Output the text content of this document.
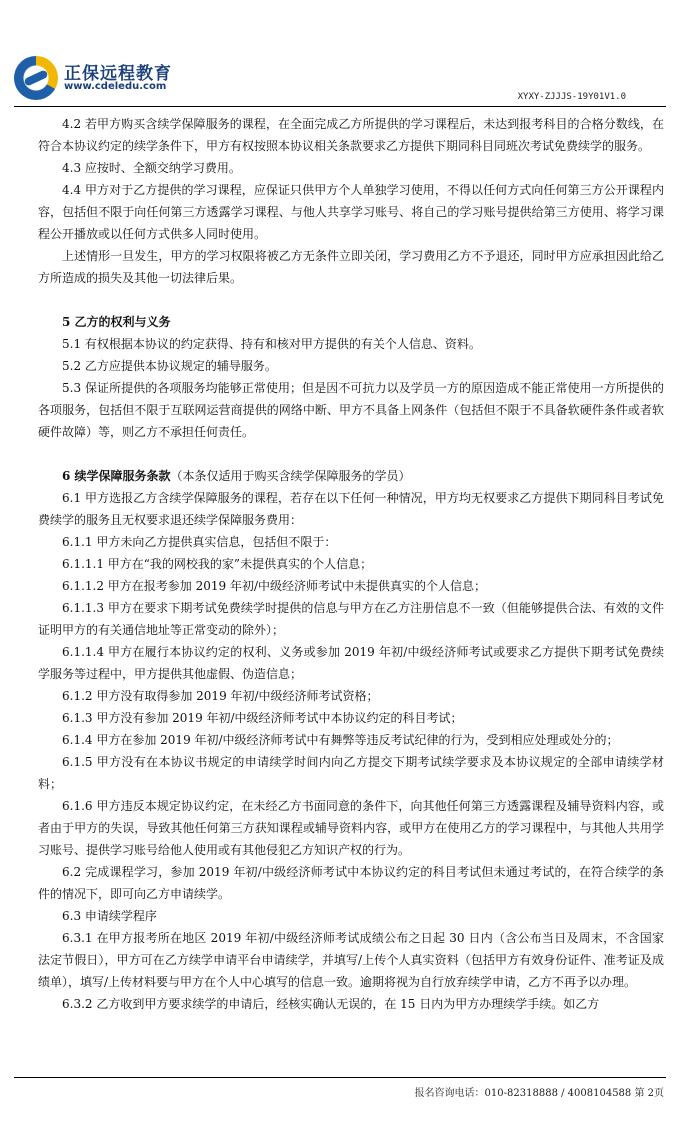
正保远程教育
www.cdeledu.com
XYXY-ZJJJS-19Y01V1.0

4.2 若甲方购买含续学保障服务的课程，在全面完成乙方所提供的学习课程后，未达到报考科目的合格分数线，在符合本协议约定的续学条件下，甲方有权按照本协议相关条款要求乙方提供下期同科目同班次考试免费续学的服务。

4.3 应按时、全额交纳学习费用。

4.4 甲方对于乙方提供的学习课程，应保证只供甲方个人单独学习使用，不得以任何方式向任何第三方公开课程内容，包括但不限于向任何第三方透露学习课程、与他人共享学习账号、将自己的学习账号提供给第三方使用、将学习课程公开播放或以任何方式供多人同时使用。

上述情形一旦发生，甲方的学习权限将被乙方无条件立即关闭，学习费用乙方不予退还，同时甲方应承担因此给乙方所造成的损失及其他一切法律后果。

5 乙方的权利与义务

5.1 有权根据本协议的约定获得、持有和核对甲方提供的有关个人信息、资料。

5.2 乙方应提供本协议规定的辅导服务。

5.3 保证所提供的各项服务均能够正常使用；但是因不可抗力以及学员一方的原因造成不能正常使用一方所提供的各项服务，包括但不限于互联网运营商提供的网络中断、甲方不具备上网条件（包括但不限于不具备软硬件条件或者软硬件故障）等，则乙方不承担任何责任。

6 续学保障服务条款（本条仅适用于购买含续学保障服务的学员）

6.1 甲方选报乙方含续学保障服务的课程，若存在以下任何一种情况，甲方均无权要求乙方提供下期同科目考试免费续学的服务且无权要求退还续学保障服务费用：

6.1.1 甲方未向乙方提供真实信息，包括但不限于：

6.1.1.1 甲方在“我的网校我的家”未提供真实的个人信息；

6.1.1.2 甲方在报考参加 2019 年初/中级经济师考试中未提供真实的个人信息；

6.1.1.3 甲方在要求下期考试免费续学时提供的信息与甲方在乙方注册信息不一致（但能够提供合法、有效的文件证明甲方的有关通信地址等正常变动的除外）；

6.1.1.4 甲方在履行本协议约定的权利、义务或参加 2019 年初/中级经济师考试或要求乙方提供下期考试免费续学服务等过程中，甲方提供其他虚假、伪造信息；

6.1.2 甲方没有取得参加 2019 年初/中级经济师考试资格；

6.1.3 甲方没有参加 2019 年初/中级经济师考试中本协议约定的科目考试；

6.1.4 甲方在参加 2019 年初/中级经济师考试中有舞弊等违反考试纪律的行为，受到相应处理或处分的；

6.1.5 甲方没有在本协议书规定的申请续学时间内向乙方提交下期考试续学要求及本协议规定的全部申请续学材料；

6.1.6 甲方违反本规定协议约定，在未经乙方书面同意的条件下，向其他任何第三方透露课程及辅导资料内容，或者由于甲方的失误，导致其他任何第三方获知课程或辅导资料内容，或甲方在使用乙方的学习课程中，与其他人共用学习账号、提供学习账号给他人使用或有其他侵犯乙方知识产权的行为。

6.2 完成课程学习，参加 2019 年初/中级经济师考试中本协议约定的科目考试但未通过考试的，在符合续学的条件的情况下，即可向乙方申请续学。

6.3 申请续学程序

6.3.1 在甲方报考所在地区 2019 年初/中级经济师考试成绩公布之日起 30 日内（含公布当日及周末，不含国家法定节假日），甲方可在乙方续学申请平台申请续学，并填写/上传个人真实资料（包括甲方有效身份证件、准考证及成绩单），填写/上传材料要与甲方在个人中心填写的信息一致。逾期将视为自行放弃续学申请，乙方不再予以办理。

6.3.2 乙方收到甲方要求续学的申请后，经核实确认无误的，在 15 日内为甲方办理续学手续。如乙方

报名咨询电话：010-82318888 / 4008104588 第 2页
